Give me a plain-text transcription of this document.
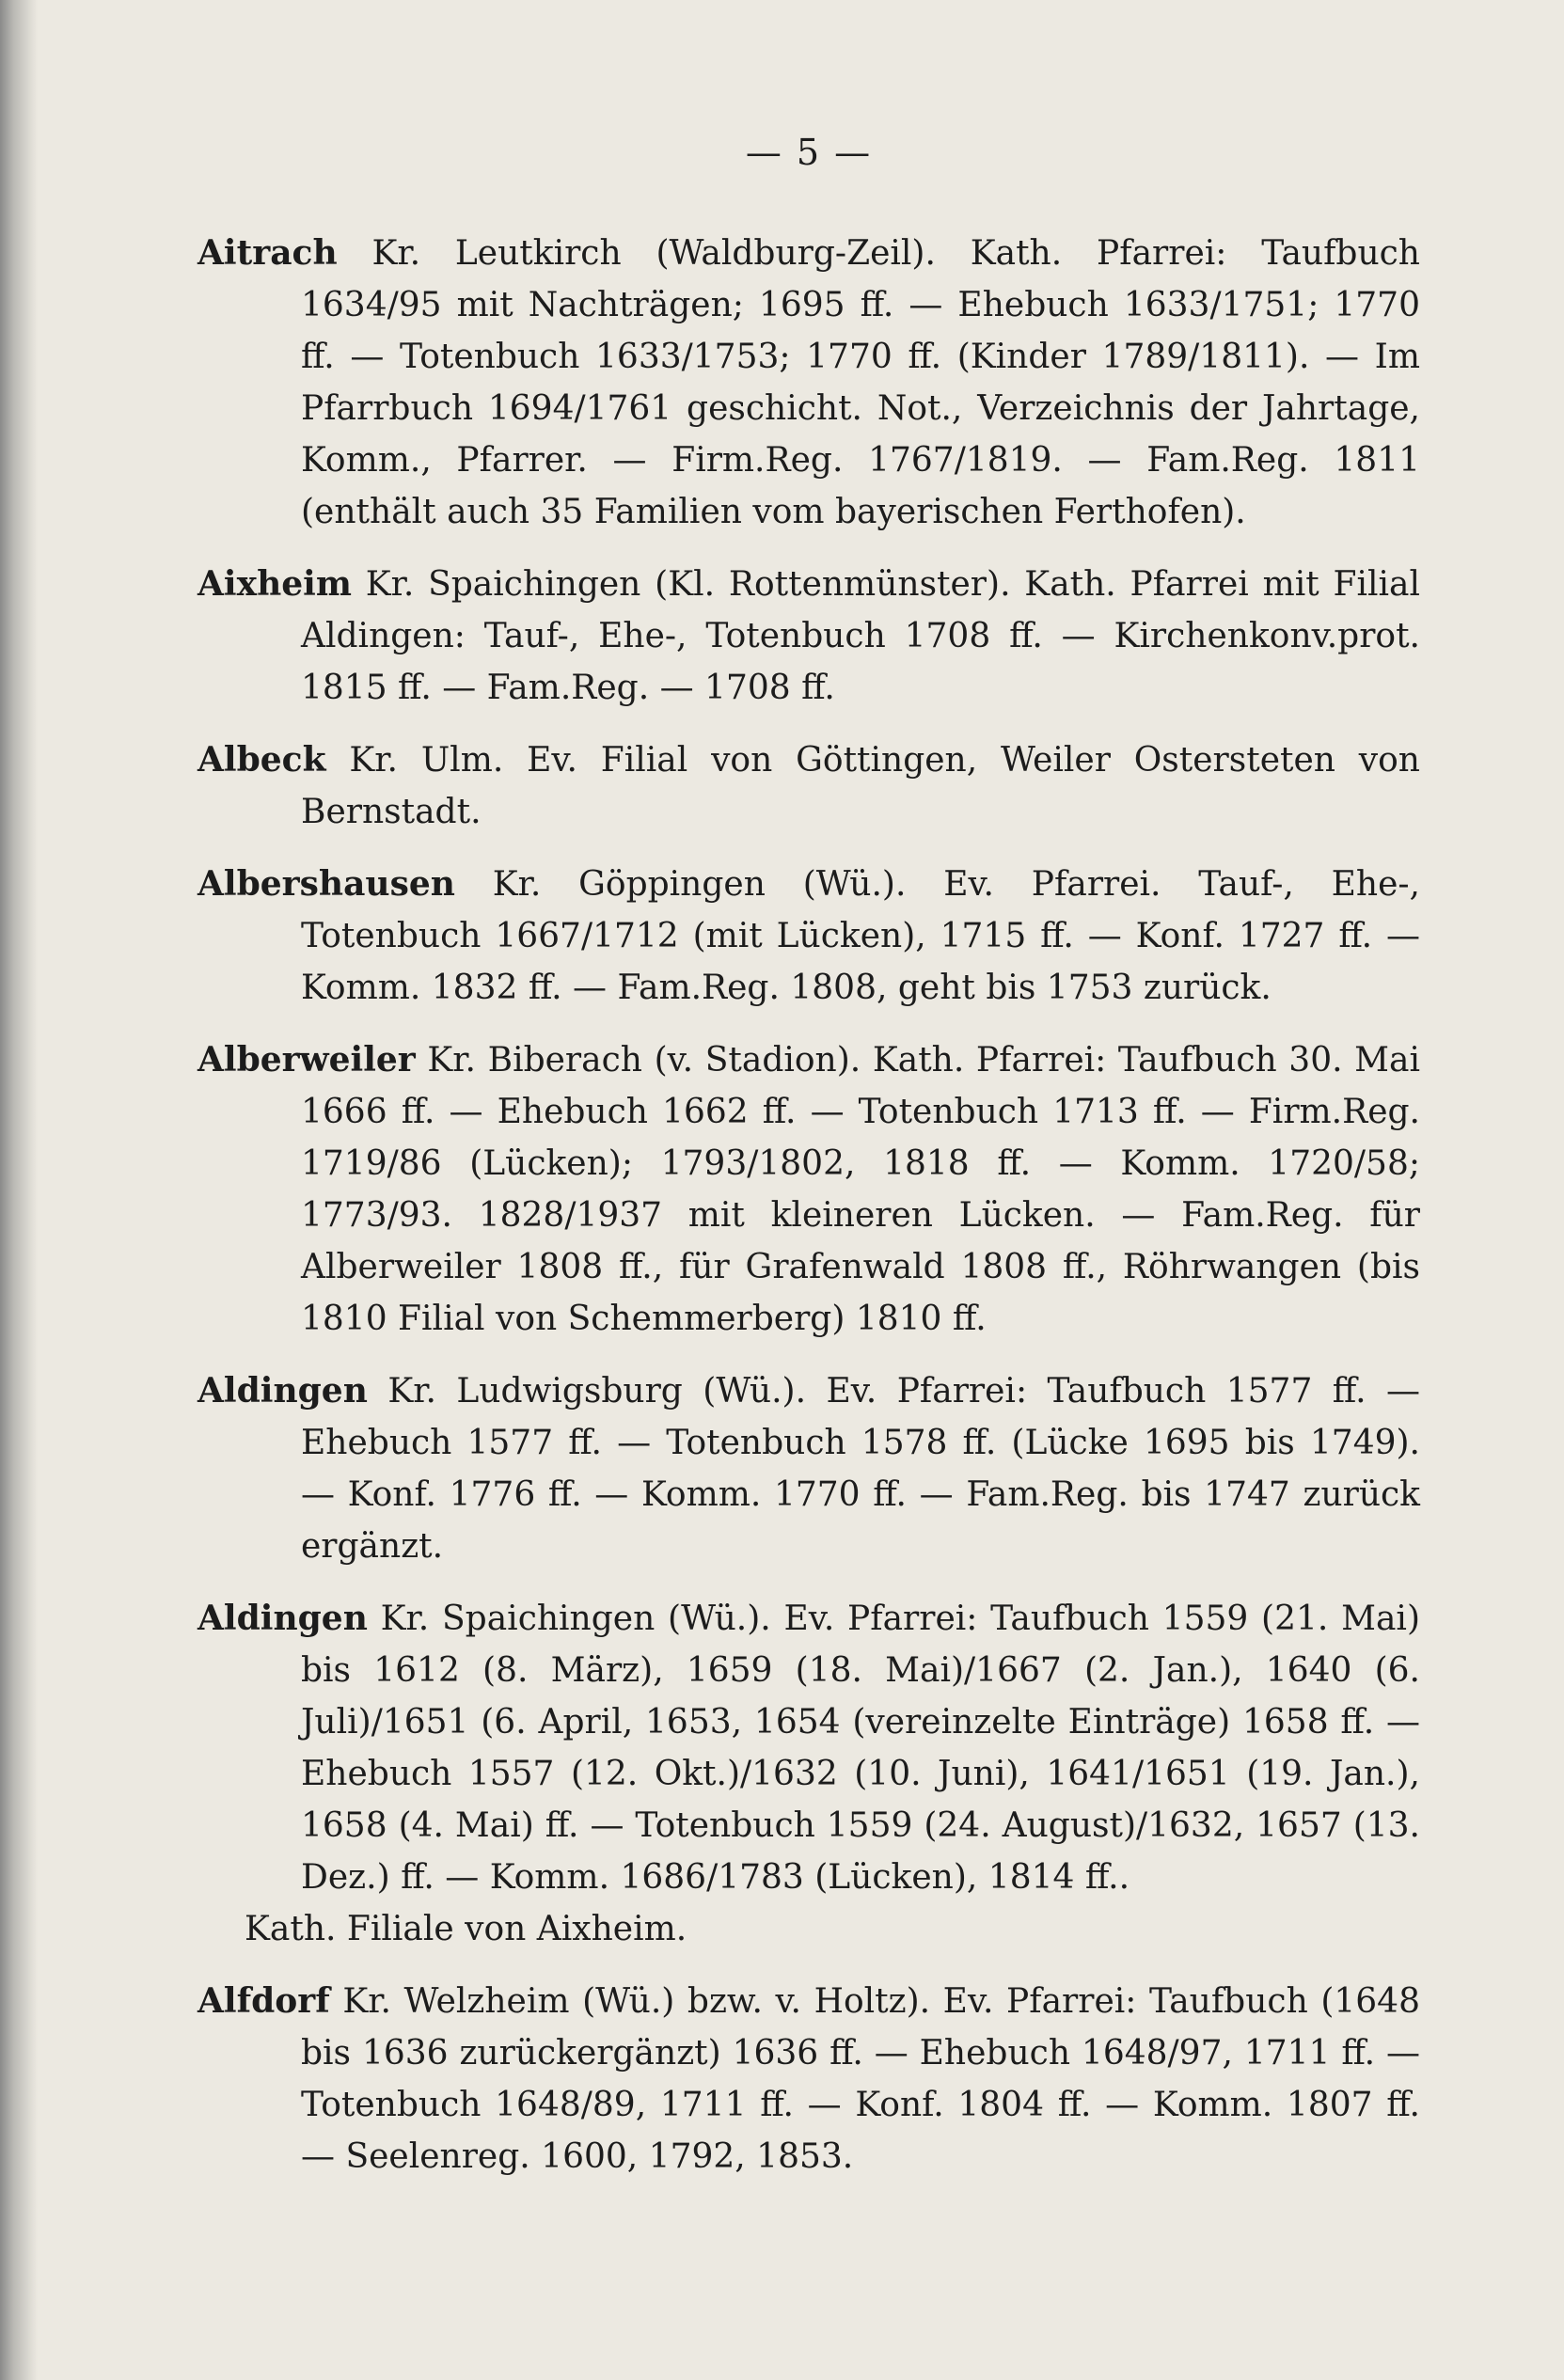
— 5 —
Aitrach Kr. Leutkirch (Waldburg-Zeil). Kath. Pfarrei: Taufbuch 1634/95 mit Nachträgen; 1695 ff. — Ehebuch 1633/1751; 1770 ff. — Totenbuch 1633/1753; 1770 ff. (Kinder 1789/1811). — Im Pfarrbuch 1694/1761 geschicht. Not., Verzeichnis der Jahrtage, Komm., Pfarrer. — Firm.Reg. 1767/1819. — Fam.Reg. 1811 (enthält auch 35 Familien vom bayerischen Ferthofen).
Aixheim Kr. Spaichingen (Kl. Rottenmünster). Kath. Pfarrei mit Filial Aldingen: Tauf-, Ehe-, Totenbuch 1708 ff. — Kirchenkonv.prot. 1815 ff. — Fam.Reg. — 1708 ff.
Albeck Kr. Ulm. Ev. Filial von Göttingen, Weiler Ostersteten von Bernstadt.
Albershausen Kr. Göppingen (Wü.). Ev. Pfarrei. Tauf-, Ehe-, Totenbuch 1667/1712 (mit Lücken), 1715 ff. — Konf. 1727 ff. — Komm. 1832 ff. — Fam.Reg. 1808, geht bis 1753 zurück.
Alberweiler Kr. Biberach (v. Stadion). Kath. Pfarrei: Taufbuch 30. Mai 1666 ff. — Ehebuch 1662 ff. — Totenbuch 1713 ff. — Firm.Reg. 1719/86 (Lücken); 1793/1802, 1818 ff. — Komm. 1720/58; 1773/93. 1828/1937 mit kleineren Lücken. — Fam.Reg. für Alberweiler 1808 ff., für Grafenwald 1808 ff., Röhrwangen (bis 1810 Filial von Schemmerberg) 1810 ff.
Aldingen Kr. Ludwigsburg (Wü.). Ev. Pfarrei: Taufbuch 1577 ff. — Ehebuch 1577 ff. — Totenbuch 1578 ff. (Lücke 1695 bis 1749). — Konf. 1776 ff. — Komm. 1770 ff. — Fam.Reg. bis 1747 zurück ergänzt.
Aldingen Kr. Spaichingen (Wü.). Ev. Pfarrei: Taufbuch 1559 (21. Mai) bis 1612 (8. März), 1659 (18. Mai)/1667 (2. Jan.), 1640 (6. Juli)/1651 (6. April, 1653, 1654 (vereinzelte Einträge) 1658 ff. — Ehebuch 1557 (12. Okt.)/1632 (10. Juni), 1641/1651 (19. Jan.), 1658 (4. Mai) ff. — Totenbuch 1559 (24. August)/1632, 1657 (13. Dez.) ff. — Komm. 1686/1783 (Lücken), 1814 ff..
Kath. Filiale von Aixheim.
Alfdorf Kr. Welzheim (Wü.) bzw. v. Holtz). Ev. Pfarrei: Taufbuch (1648 bis 1636 zurückergänzt) 1636 ff. — Ehebuch 1648/97, 1711 ff. — Totenbuch 1648/89, 1711 ff. — Konf. 1804 ff. — Komm. 1807 ff. — Seelenreg. 1600, 1792, 1853.
